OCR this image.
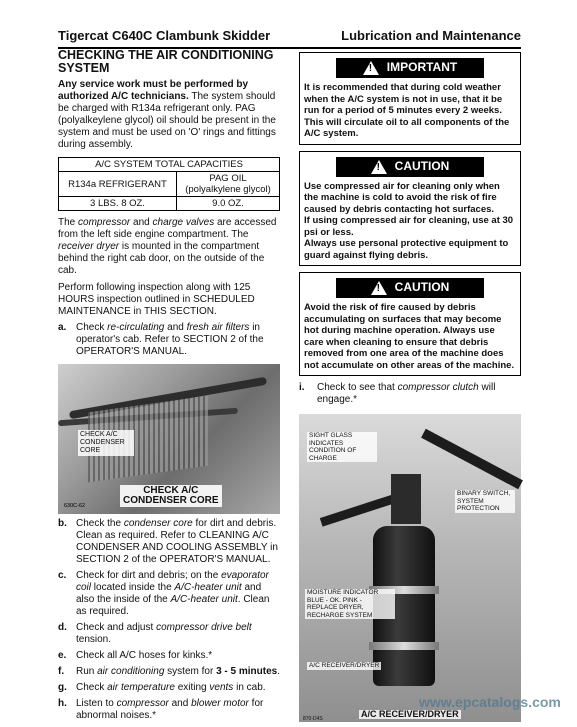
Tigercat C640C Clambunk Skidder	Lubrication and Maintenance
CHECKING THE AIR CONDITIONING SYSTEM

Any service work must be performed by authorized A/C technicians. The system should be charged with R134a refrigerant only. PAG (polyalkeylene glycol) oil should be present in the system and must be used on 'O' rings and fittings during assembly.

A/C SYSTEM TOTAL CAPACITIES	
R134a REFRIGERANT	PAG OIL
(polyalkylene glycol)
3 LBS. 8 OZ.	9.0 OZ.

The compressor and charge valves are accessed from the left side engine compartment. The receiver dryer is mounted in the compartment behind the right cab door, on the outside of the cab.

Perform following inspection along with 125 HOURS inspection outlined in SCHEDULED MAINTENANCE in THIS SECTION.

a. Check re-circulating and fresh air filters in operator's cab. Refer to SECTION 2 of the OPERATOR'S MANUAL.
CHECK A/C CONDENSER CORE
CHECK A/C
CONDENSER CORE
630C-62
b. Check the condenser core for dirt and debris. Clean as required. Refer to CLEANING A/C CONDENSER AND COOLING ASSEMBLY in SECTION 2 of the OPERATOR'S MANUAL.
c. Check for dirt and debris; on the evaporator coil located inside the A/C-heater unit and also the inside of the A/C-heater unit. Clean as required.
d. Check and adjust compressor drive belt tension.
e. Check all A/C hoses for kinks.*
f. Run air conditioning system for 3 - 5 minutes.
g. Check air temperature exiting vents in cab.
h. Listen to compressor and blower motor for abnormal noises.*
!
IMPORTANT

It is recommended that during cold weather when the A/C system is not in use, that it be run for a period of 5 minutes every 2 weeks. This will circulate oil to all components of the A/C system.

!
CAUTION

Use compressed air for cleaning only when the machine is cold to avoid the risk of fire caused by debris contacting hot surfaces.

If using compressed air for cleaning, use at 30 psi or less.

Always use personal protective equipment to guard against flying debris.

!
CAUTION

Avoid the risk of fire caused by debris accumulating on surfaces that may become hot during machine operation. Always use care when cleaning to ensure that debris removed from one area of the machine does not accumulate on other areas of the machine.

i. Check to see that compressor clutch will engage.*
SIGHT GLASS INDICATES CONDITION OF CHARGE
BINARY SWITCH, SYSTEM PROTECTION
MOISTURE INDICATOR BLUE - OK. PINK - REPLACE DRYER, RECHARGE SYSTEM
A/C RECEIVER/DRYER
www.epcatalogs.com
A/C RECEIVER/DRYER
870-D4S
